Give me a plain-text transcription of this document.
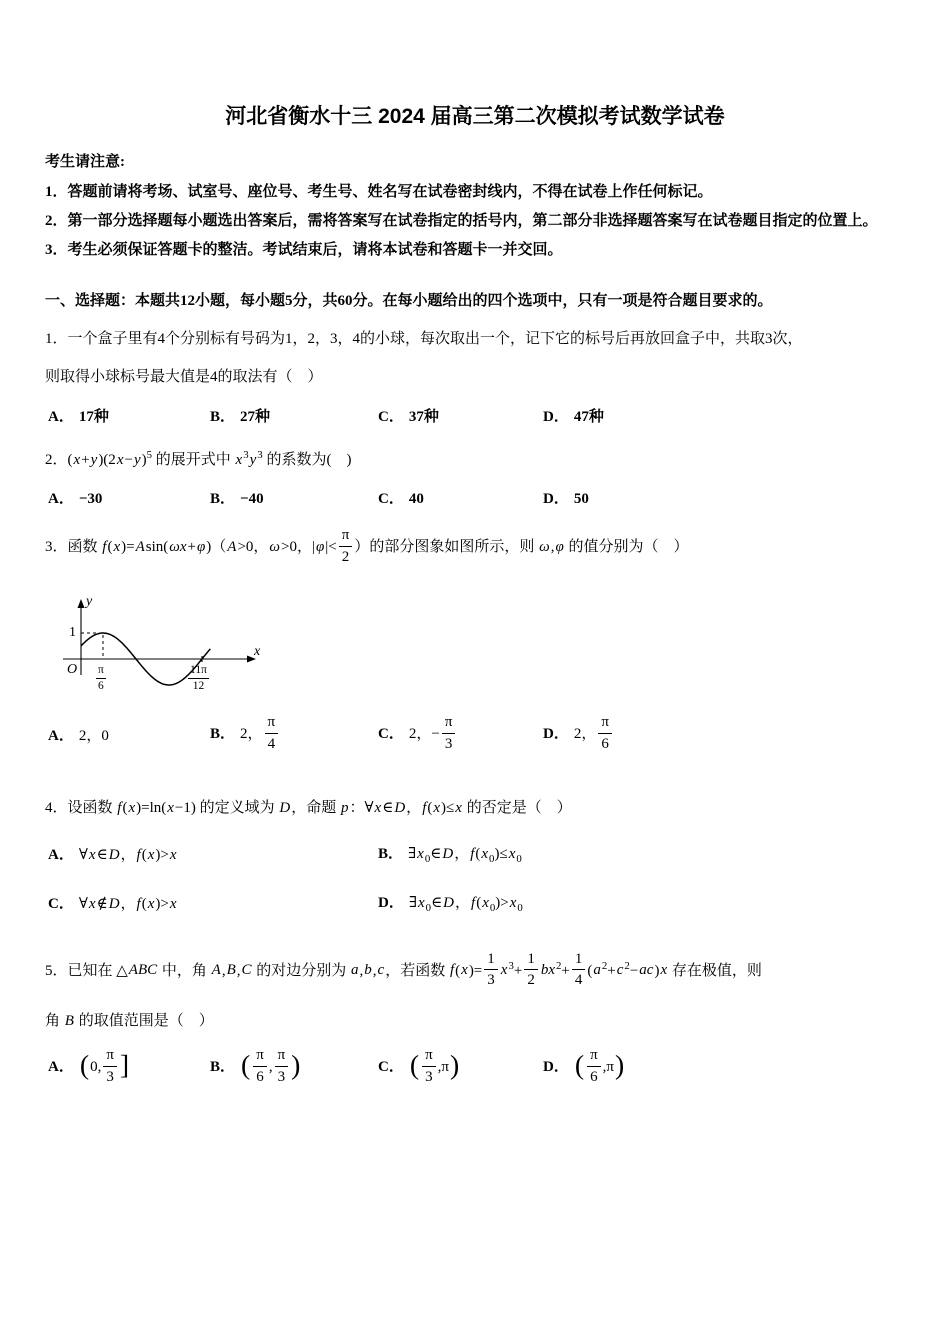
河北省衡水十三 2024 届高三第二次模拟考试数学试卷

考生请注意:

1．答题前请将考场、试室号、座位号、考生号、姓名写在试卷密封线内，不得在试卷上作任何标记。

2．第一部分选择题每小题选出答案后，需将答案写在试卷指定的括号内，第二部分非选择题答案写在试卷题目指定的位置上。

3．考生必须保证答题卡的整洁。考试结束后，请将本试卷和答题卡一并交回。

一、选择题：本题共12小题，每小题5分，共60分。在每小题给出的四个选项中，只有一项是符合题目要求的。

1．一个盒子里有4个分别标有号码为1，2，3，4的小球，每次取出一个，记下它的标号后再放回盒子中，共取3次，

则取得小球标号最大值是4的取法有（　）

A． 17种	B． 27种	C． 37种	D． 47种

2．$(x+y)(2x-y)^5$ 的展开式中 $x^3y^3$ 的系数为(　)

A． −30	B． −40	C． 40	D． 50

3．函数 f(x)=Asin(ωx+φ)（A>0，ω>0，$|\varphi|< \frac{\pi}{2}$ ）的部分图象如图所示，则 ω,φ 的值分别为（　）

y
1
x
O $\frac{\pi}{6}$	$\frac{11\pi}{12}$
A． 2，0	B． 2， $\frac{\pi}{4}$	C． 2，− $\frac{\pi}{3}$	D． 2， $\frac{\pi}{6}$

4．设函数 f(x)=ln(x−1) 的定义域为 D，命题 p：∀x∈D，f(x)≤x 的否定是（　）

A． ∀x∈D，f(x)>x	B． $\exists x_0\in D$，$f(x_0)\le x_0$
C． ∀x∉D，f(x)>x	D． $\exists x_0\in D$，$f(x_0)>x_0$

5．已知在 △ABC 中，角 A,B,C 的对边分别为 a,b,c，若函数 $f(x)= \frac{1}{3} x^3+ \frac{1}{2} bx^2+ \frac{1}{4} (a^2+c^2-ac)x$ 存在极值，则

角 B 的取值范围是（　）

A． (0, $\frac{\pi}{3}$ ]	B． ( $\frac{\pi}{6}$ , $\frac{\pi}{3}$ )	C． ( $\frac{\pi}{3} ,\pi$)	D． ( $\frac{\pi}{6} ,\pi$)
